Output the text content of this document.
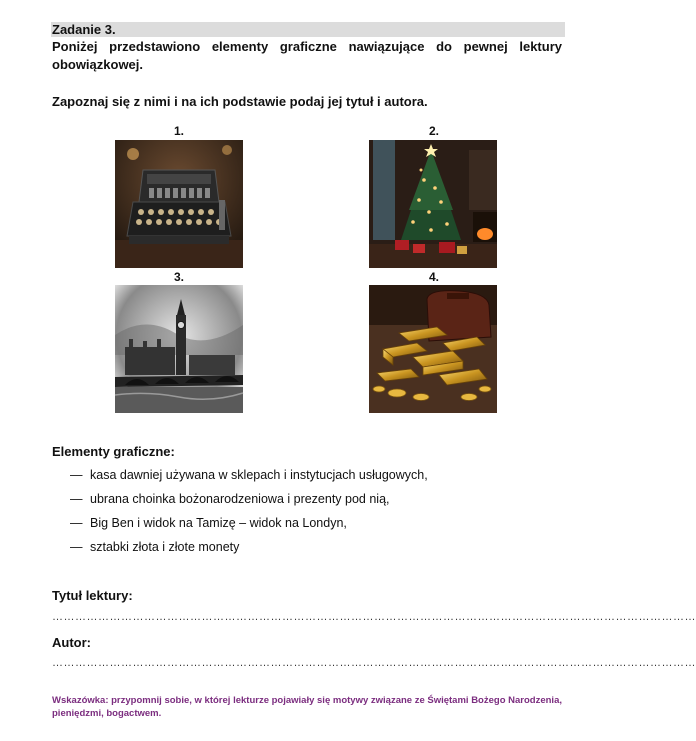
Zadanie 3.
Poniżej przedstawiono elementy graficzne nawiązujące do pewnej lektury obowiązkowej.
Zapoznaj się z nimi i na ich podstawie podaj jej tytuł i autora.
1.	2.
3.	4.
Elementy graficzne:
— kasa dawniej używana w sklepach i instytucjach usługowych,
— ubrana choinka bożonarodzeniowa i prezenty pod nią,
— Big Ben i widok na Tamizę – widok na Londyn,
— sztabki złota i złote monety
Tytuł lektury:
……………………………………………………………………………………………………………………………………………………
Autor:
……………………………………………………………………………………………………………………………………………………
Wskazówka: przypomnij sobie, w której lekturze pojawiały się motywy związane ze Świętami Bożego Narodzenia, pieniędzmi, bogactwem.
